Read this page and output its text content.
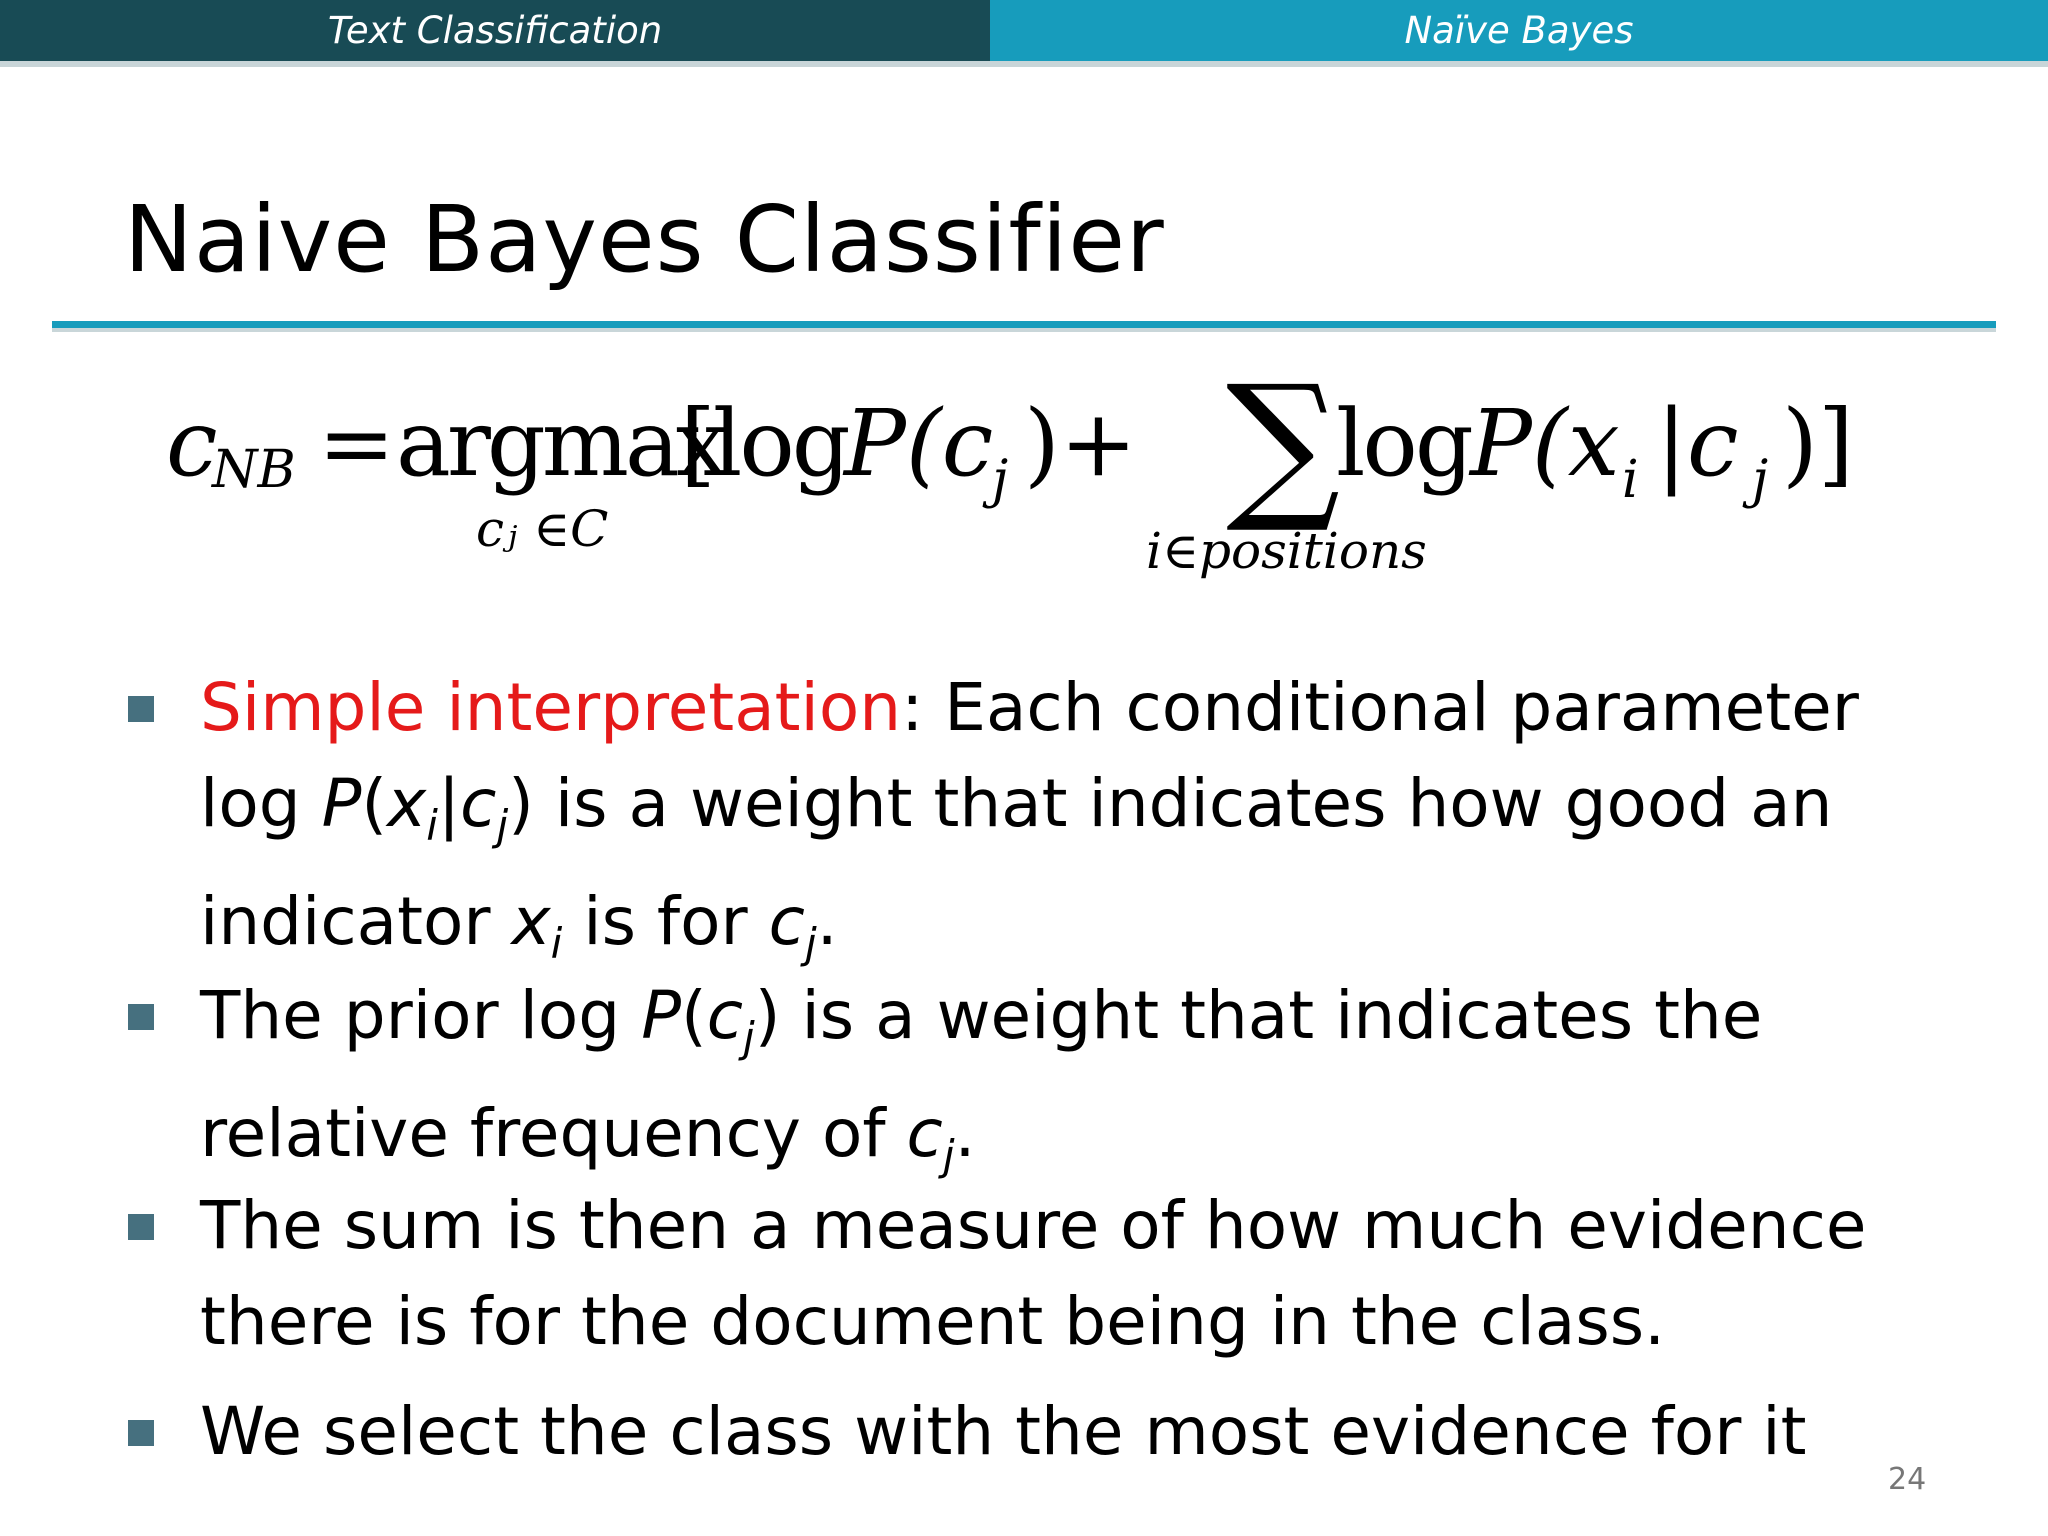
Text Classification	Naïve Bayes
Naive Bayes Classifier
c
NB = argmax
[log
P(c
j )+ ∑
log P(x i |c j )]
cⱼ ∈C	i∈positions

Simple interpretation: Each conditional parameter $\log P(x_i|c_j)$ is a weight that indicates how good an indicator $x_i$ is for $c_j$.

The prior $\log P(c_j)$ is a weight that indicates the relative frequency of $c_j$.

The sum is then a measure of how much evidence there is for the document being in the class.

We select the class with the most evidence for it

24
